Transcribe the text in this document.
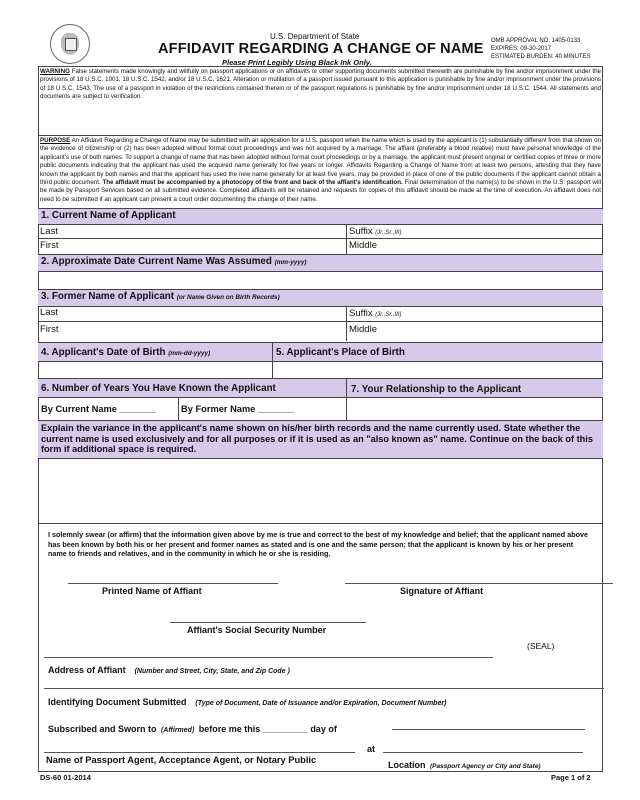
U.S. Department of State
AFFIDAVIT REGARDING A CHANGE OF NAME
Please Print Legibly Using Black Ink Only.
OMB APPROVAL NO. 1405-0133
EXPIRES: 09-30-2017
ESTIMATED BURDEN: 40 MINUTES
WARNING False statements made knowingly and willfully on passport applications or on affidavits or other supporting documents submitted therewith are punishable by fine and/or imprisonment under the provisions of 18 U.S.C. 1001, 18 U.S.C. 1542, and/or 18 U.S.C. 1621. Alteration or mutilation of a passport issued pursuant to this application is punishable by fine and/or imprisonment under the provisions of 18 U.S.C. 1543. The use of a passport in violation of the restrictions contained therein or of the passport regulations is punishable by fine and/or imprisonment under 18 U.S.C. 1544. All statements and documents are subject to verification.
PURPOSE An Affidavit Regarding a Change of Name may be submitted with an application for a U.S. passport when the name which is used by the applicant is (1) substantially different from that shown on the evidence of citizenship or (2) has been adopted without formal court proceedings and was not acquired by a marriage. The affiant (preferably a blood relative) must have personal knowledge of the applicant's use of both names. To support a change of name that has been adopted without formal court proceedings or by a marriage, the applicant must present original or certified copies of three or more public documents indicating that the applicant has used the acquired name generally for five years or longer. Affidavits Regarding a Change of Name from at least two persons, attesting that they have known the applicant by both names and that the applicant has used the new name generally for at least five years, may be provided in place of one of the public documents if the applicant cannot obtain a third public document. The affidavit must be accompanied by a photocopy of the front and back of the affiant's identification. Final determination of the name(s) to be shown in the U.S. passport will be made by Passport Services based on all submitted evidence. Completed affidavits will be retained and requests for copies of this affidavit should be made at the time of execution. An affidavit does not need to be submitted if an applicant can present a court order documenting the change of their name.
1. Current Name of Applicant
Last	Suffix (Jr.,Sr.,III)
First	Middle
2. Approximate Date Current Name Was Assumed (mm-yyyy)
3. Former Name of Applicant (or Name Given on Birth Records)
Last	Suffix (Jr.,Sr.,III)
First	Middle
4. Applicant's Date of Birth (mm-dd-yyyy)	5. Applicant's Place of Birth
6. Number of Years You Have Known the Applicant	7. Your Relationship to the Applicant
By Current Name _______	By Former Name _______
Explain the variance in the applicant's name shown on his/her birth records and the name currently used. State whether the current name is used exclusively and for all purposes or if it is used as an "also known as" name. Continue on the back of this form if additional space is required.
I solemnly swear (or affirm) that the information given above by me is true and correct to the best of my knowledge and belief; that the applicant named above has been known by both his or her present and former names as stated and is one and the same person; that the applicant is known by his or her present name to friends and relatives, and in the community in which he or she is residing.
Printed Name of Affiant	Signature of Affiant
Affiant's Social Security Number
(SEAL)
Address of Affiant (Number and Street, City, State, and Zip Code )
Identifying Document Submitted (Type of Document, Date of Issuance and/or Expiration, Document Number)
Subscribed and Sworn to (Affirmed) before me this _________ day of
at
Name of Passport Agent, Acceptance Agent, or Notary Public	Location (Passport Agency or City and State)
DS-60 01-2014	Page 1 of 2
